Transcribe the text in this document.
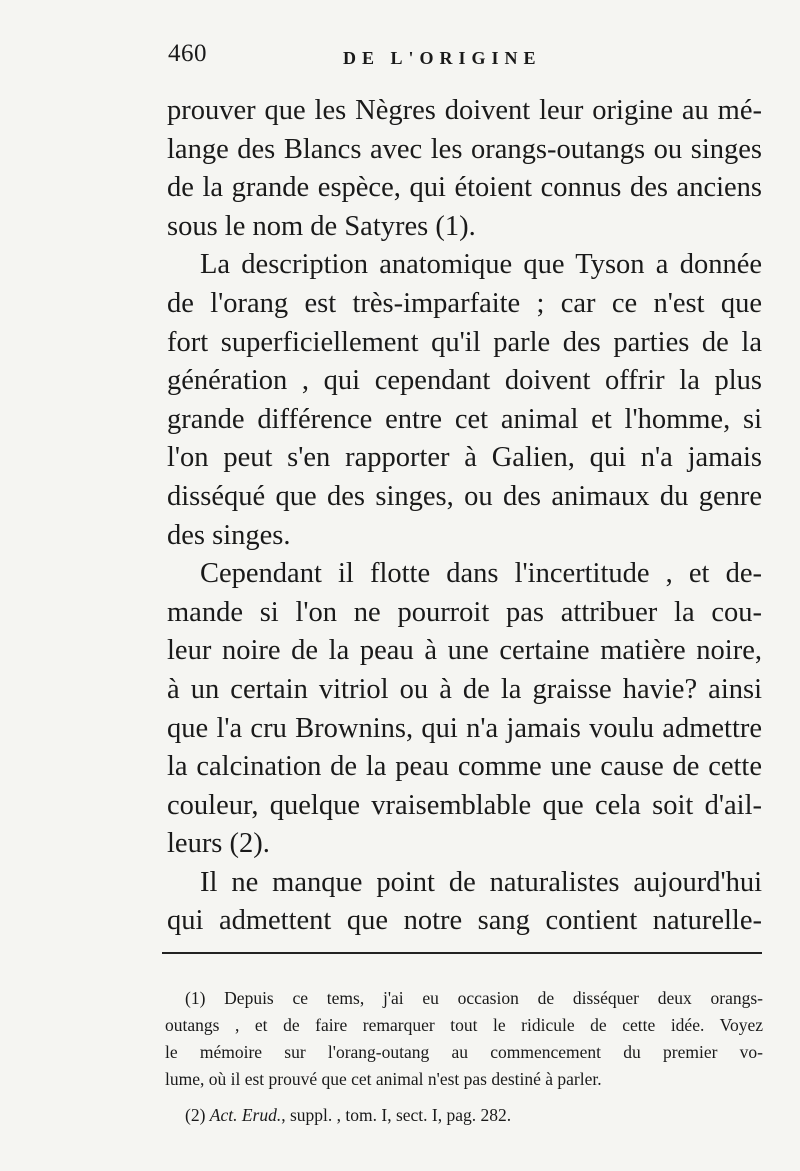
460	DE L'ORIGINE
prouver que les Nègres doivent leur origine au mé-
lange des Blancs avec les orangs-outangs ou singes
de la grande espèce, qui étoient connus des anciens
sous le nom de Satyres (1).
La description anatomique que Tyson a donnée
de l'orang est très-imparfaite ; car ce n'est que
fort superficiellement qu'il parle des parties de la
génération , qui cependant doivent offrir la plus
grande différence entre cet animal et l'homme, si
l'on peut s'en rapporter à Galien, qui n'a jamais
disséqué que des singes, ou des animaux du genre
des singes.
Cependant il flotte dans l'incertitude , et de-
mande si l'on ne pourroit pas attribuer la cou-
leur noire de la peau à une certaine matière noire,
à un certain vitriol ou à de la graisse havie? ainsi
que l'a cru Brownins, qui n'a jamais voulu admettre
la calcination de la peau comme une cause de cette
couleur, quelque vraisemblable que cela soit d'ail-
leurs (2).
Il ne manque point de naturalistes aujourd'hui
qui admettent que notre sang contient naturelle-
(1) Depuis ce tems, j'ai eu occasion de disséquer deux orangs-
outangs , et de faire remarquer tout le ridicule de cette idée. Voyez
le mémoire sur l'orang-outang au commencement du premier vo-
lume, où il est prouvé que cet animal n'est pas destiné à parler.
(2) Act. Erud., suppl. , tom. I, sect. I, pag. 282.
